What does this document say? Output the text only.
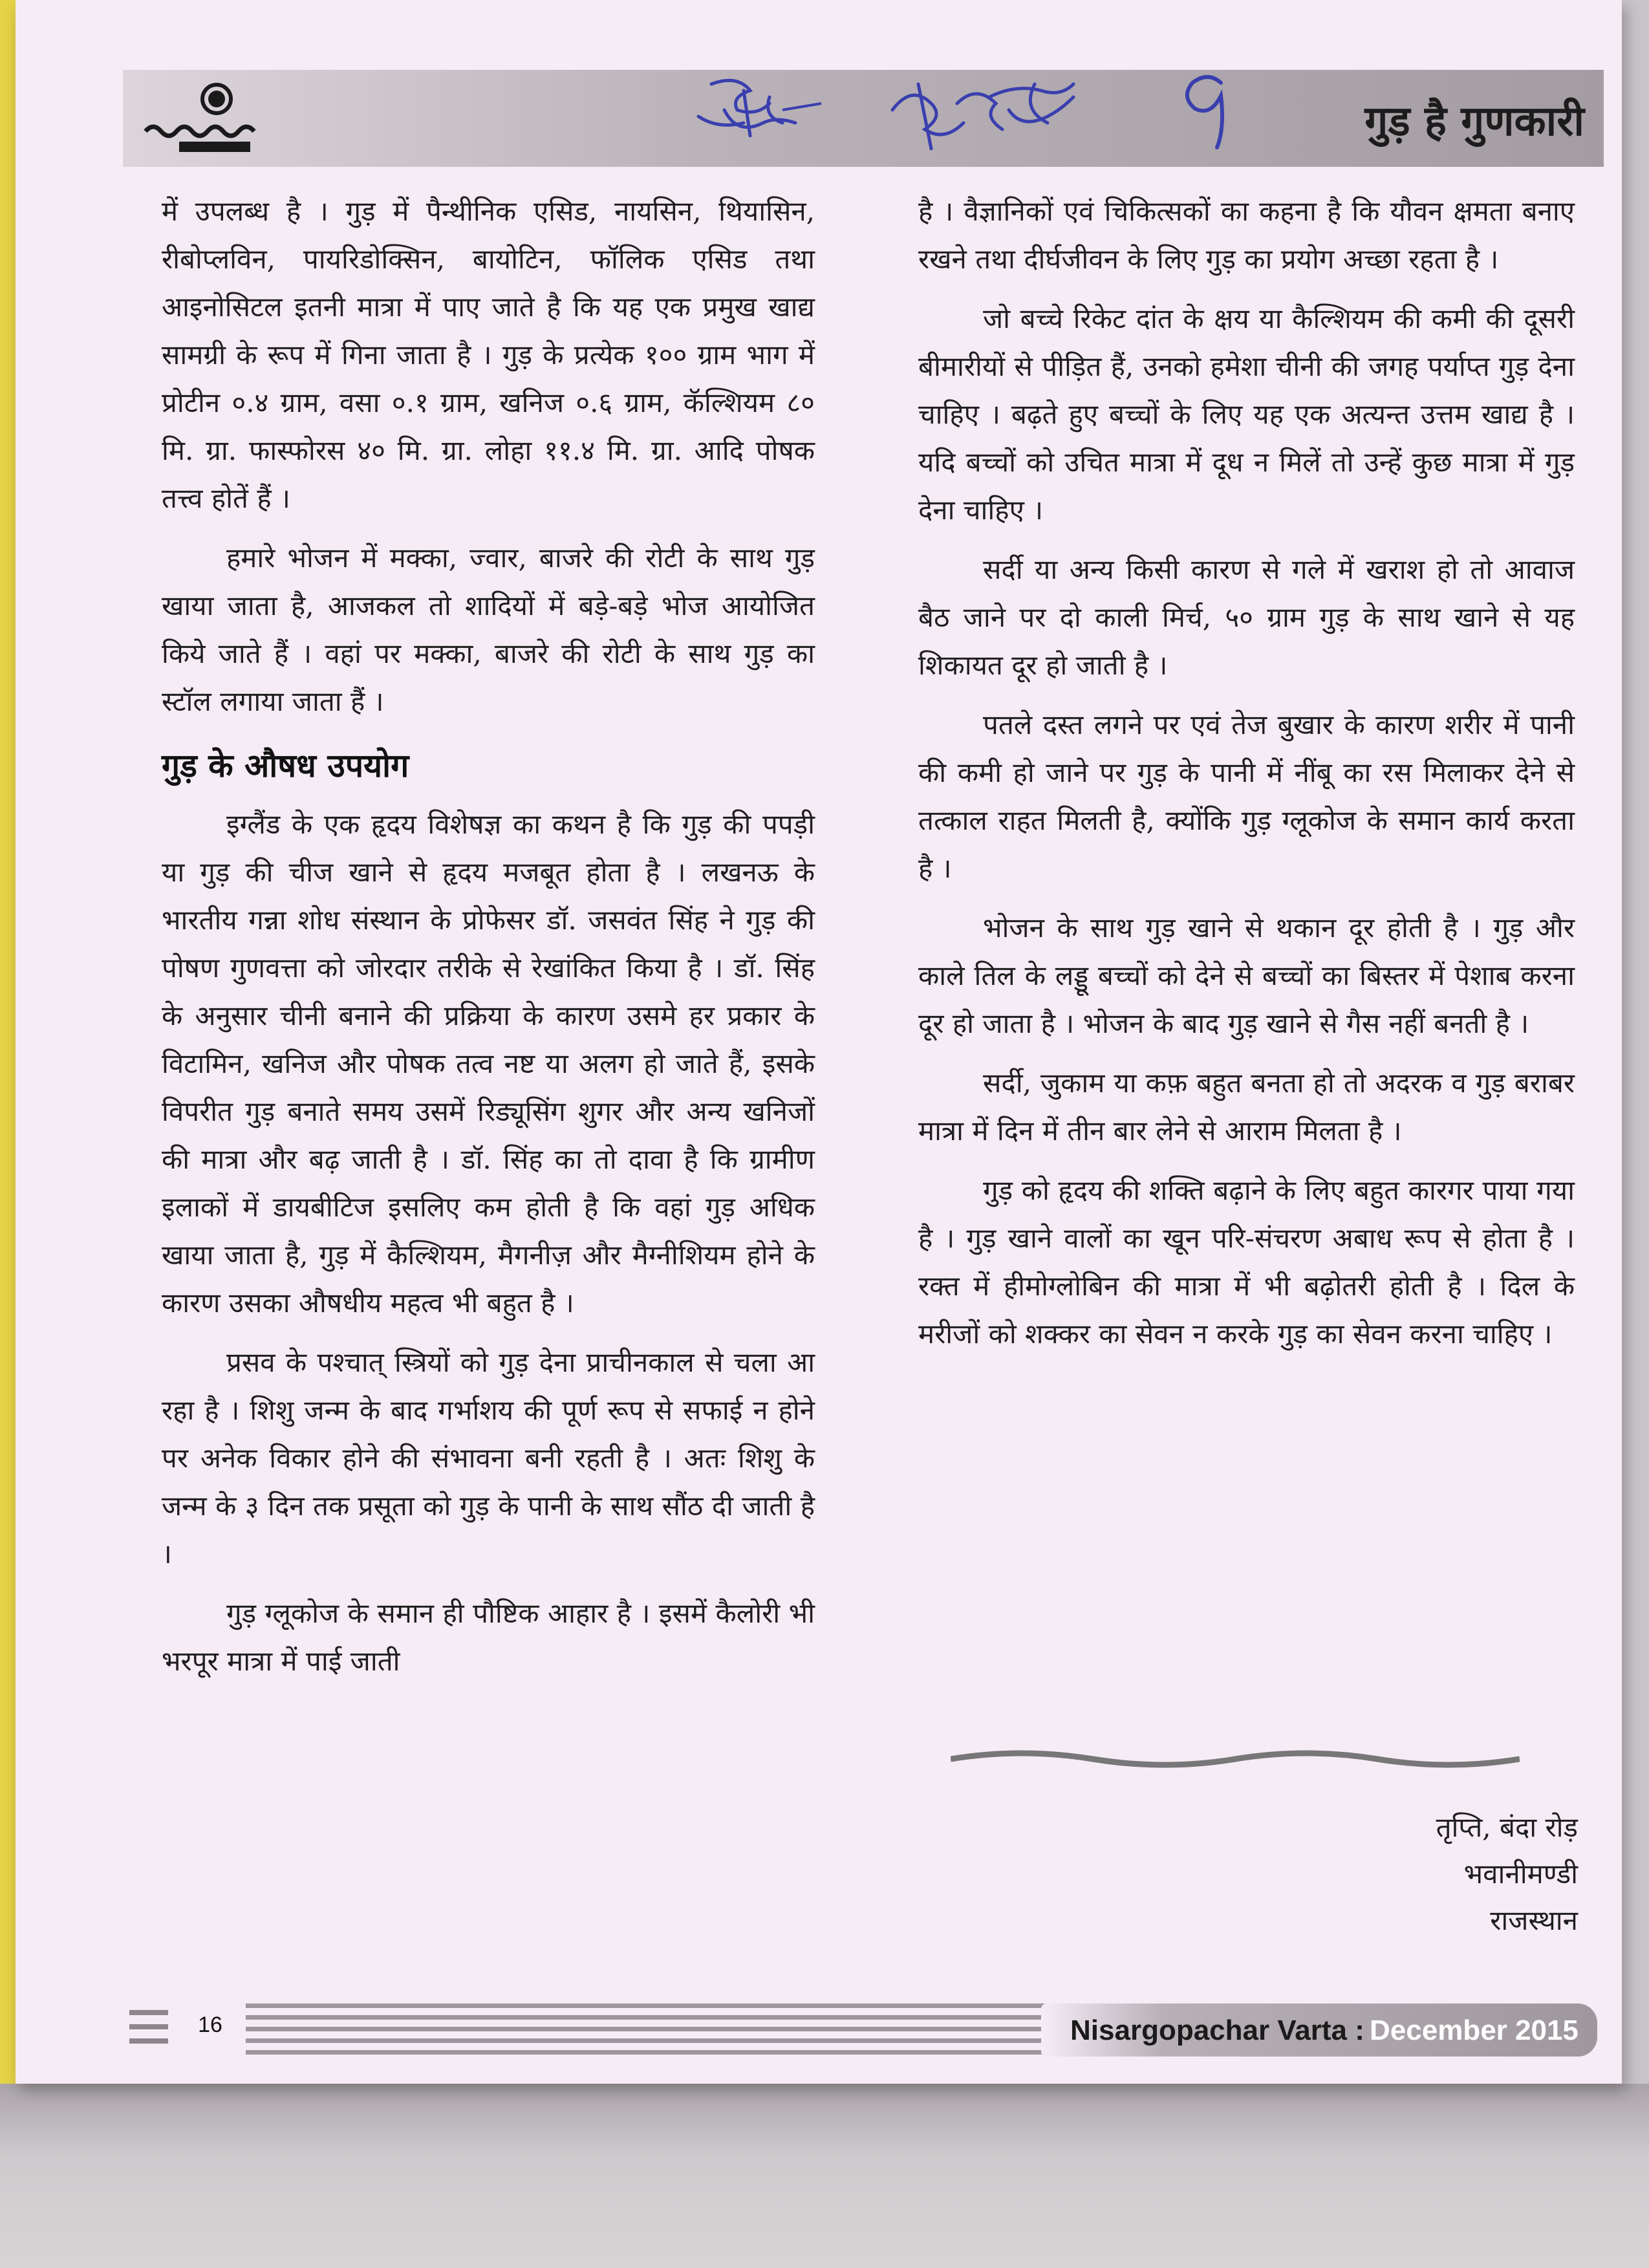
गुड़ है गुणकारी

में उपलब्ध है । गुड़ में पैन्थीनिक एसिड, नायसिन, थियासिन, रीबोप्लविन, पायरिडोक्सिन, बायोटिन, फॉलिक एसिड तथा आइनोसिटल इतनी मात्रा में पाए जाते है कि यह एक प्रमुख खाद्य सामग्री के रूप में गिना जाता है । गुड़ के प्रत्येक १०० ग्राम भाग में प्रोटीन ०.४ ग्राम, वसा ०.१ ग्राम, खनिज ०.६ ग्राम, कॅल्शियम ८० मि. ग्रा. फास्फोरस ४० मि. ग्रा. लोहा ११.४ मि. ग्रा. आदि पोषक तत्त्व होतें हैं ।

हमारे भोजन में मक्का, ज्वार, बाजरे की रोटी के साथ गुड़ खाया जाता है, आजकल तो शादियों में बड़े-बड़े भोज आयोजित किये जाते हैं । वहां पर मक्का, बाजरे की रोटी के साथ गुड़ का स्टॉल लगाया जाता हैं ।

गुड़ के औषध उपयोग

इग्लैंड के एक हृदय विशेषज्ञ का कथन है कि गुड़ की पपड़ी या गुड़ की चीज खाने से हृदय मजबूत होता है । लखनऊ के भारतीय गन्ना शोध संस्थान के प्रोफेसर डॉ. जसवंत सिंह ने गुड़ की पोषण गुणवत्ता को जोरदार तरीके से रेखांकित किया है । डॉ. सिंह के अनुसार चीनी बनाने की प्रक्रिया के कारण उसमे हर प्रकार के विटामिन, खनिज और पोषक तत्व नष्ट या अलग हो जाते हैं, इसके विपरीत गुड़ बनाते समय उसमें रिड्यूसिंग शुगर और अन्य खनिजों की मात्रा और बढ़ जाती है । डॉ. सिंह का तो दावा है कि ग्रामीण इलाकों में डायबीटिज इसलिए कम होती है कि वहां गुड़ अधिक खाया जाता है, गुड़ में कैल्शियम, मैगनीज़ और मैग्नीशियम होने के कारण उसका औषधीय महत्व भी बहुत है ।

प्रसव के पश्चात् स्त्रियों को गुड़ देना प्राचीनकाल से चला आ रहा है । शिशु जन्म के बाद गर्भाशय की पूर्ण रूप से सफाई न होने पर अनेक विकार होने की संभावना बनी रहती है । अतः शिशु के जन्म के ३ दिन तक प्रसूता को गुड़ के पानी के साथ सौंठ दी जाती है ।

गुड़ ग्लूकोज के समान ही पौष्टिक आहार है । इसमें कैलोरी भी भरपूर मात्रा में पाई जाती

है । वैज्ञानिकों एवं चिकित्सकों का कहना है कि यौवन क्षमता बनाए रखने तथा दीर्घजीवन के लिए गुड़ का प्रयोग अच्छा रहता है ।

जो बच्चे रिकेट दांत के क्षय या कैल्शियम की कमी की दूसरी बीमारीयों से पीड़ित हैं, उनको हमेशा चीनी की जगह पर्याप्त गुड़ देना चाहिए । बढ़ते हुए बच्चों के लिए यह एक अत्यन्त उत्तम खाद्य है । यदि बच्चों को उचित मात्रा में दूध न मिलें तो उन्हें कुछ मात्रा में गुड़ देना चाहिए ।

सर्दी या अन्य किसी कारण से गले में खराश हो तो आवाज बैठ जाने पर दो काली मिर्च, ५० ग्राम गुड़ के साथ खाने से यह शिकायत दूर हो जाती है ।

पतले दस्त लगने पर एवं तेज बुखार के कारण शरीर में पानी की कमी हो जाने पर गुड़ के पानी में नींबू का रस मिलाकर देने से तत्काल राहत मिलती है, क्योंकि गुड़ ग्लूकोज के समान कार्य करता है ।

भोजन के साथ गुड़ खाने से थकान दूर होती है । गुड़ और काले तिल के लड्डू बच्चों को देने से बच्चों का बिस्तर में पेशाब करना दूर हो जाता है । भोजन के बाद गुड़ खाने से गैस नहीं बनती है ।

सर्दी, जुकाम या कफ़ बहुत बनता हो तो अदरक व गुड़ बराबर मात्रा में दिन में तीन बार लेने से आराम मिलता है ।

गुड़ को हृदय की शक्ति बढ़ाने के लिए बहुत कारगर पाया गया है । गुड़ खाने वालों का खून परि-संचरण अबाध रूप से होता है । रक्त में हीमोग्लोबिन की मात्रा में भी बढ़ोतरी होती है । दिल के मरीजों को शक्कर का सेवन न करके गुड़ का सेवन करना चाहिए ।

तृप्ति, बंदा रोड़
भवानीमण्डी
राजस्थान
16	Nisargopachar Varta : December 2015
